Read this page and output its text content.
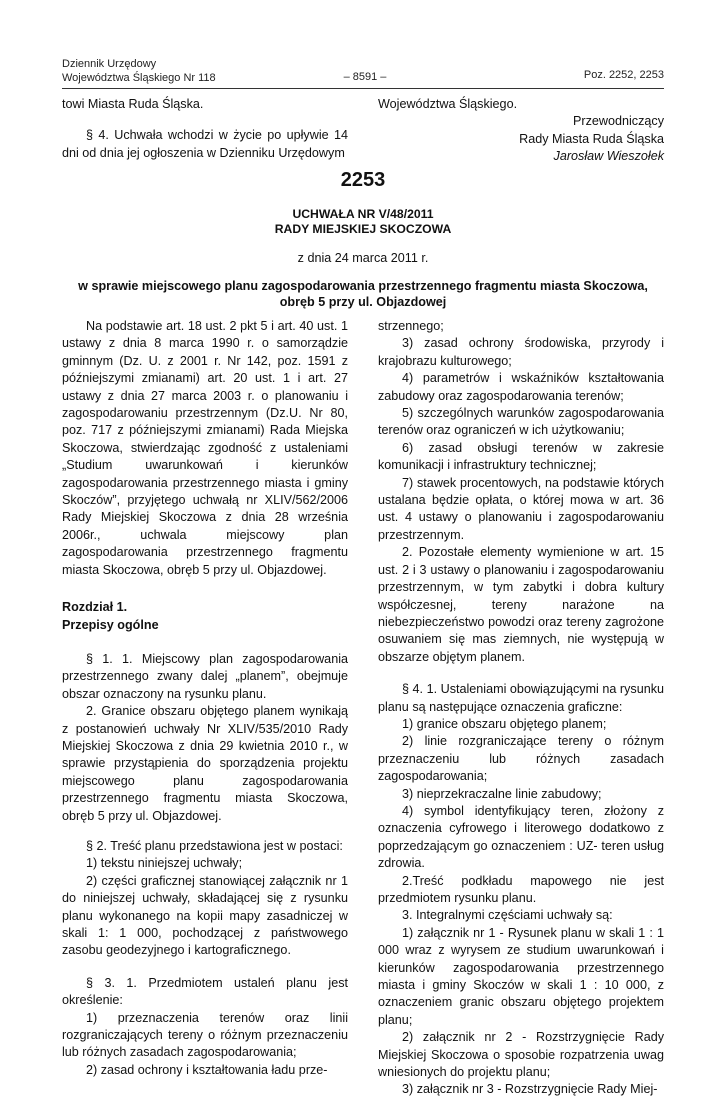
Dziennik Urzędowy
Województwa Śląskiego Nr 118	– 8591 –	Poz. 2252, 2253

towi Miasta Ruda Śląska.

§ 4. Uchwała wchodzi w życie po upływie 14 dni od dnia jej ogłoszenia w Dzienniku Urzędowym

Województwa Śląskiego.

Przewodniczący
Rady Miasta Ruda Śląska
Jarosław Wieszołek
2253
UCHWAŁA NR V/48/2011
RADY MIEJSKIEJ SKOCZOWA
z dnia 24 marca 2011 r.
w sprawie miejscowego planu zagospodarowania przestrzennego fragmentu miasta Skoczowa,
obręb 5 przy ul. Objazdowej

Na podstawie art. 18 ust. 2 pkt 5 i art. 40 ust. 1 ustawy z dnia 8 marca 1990 r. o samorządzie gminnym (Dz. U. z 2001 r. Nr 142, poz. 1591 z późniejszymi zmianami) art. 20 ust. 1 i art. 27 ustawy z dnia 27 marca 2003 r. o planowaniu i zagospodarowaniu przestrzennym (Dz.U. Nr 80, poz. 717 z późniejszymi zmianami) Rada Miejska Skoczowa, stwierdzając zgodność z ustaleniami „Studium uwarunkowań i kierunków zagospodarowania przestrzennego miasta i gminy Skoczów”, przyjętego uchwałą nr XLIV/562/2006 Rady Miejskiej Skoczowa z dnia 28 września 2006r., uchwala miejscowy plan zagospodarowania przestrzennego fragmentu miasta Skoczowa, obręb 5 przy ul. Objazdowej.

Rozdział 1.

Przepisy ogólne

§ 1. 1. Miejscowy plan zagospodarowania przestrzennego zwany dalej „planem”, obejmuje obszar oznaczony na rysunku planu.

2. Granice obszaru objętego planem wynikają z postanowień uchwały Nr XLIV/535/2010 Rady Miejskiej Skoczowa z dnia 29 kwietnia 2010 r., w sprawie przystąpienia do sporządzenia projektu miejscowego planu zagospodarowania przestrzennego fragmentu miasta Skoczowa, obręb 5 przy ul. Objazdowej.

§ 2. Treść planu przedstawiona jest w postaci:

1) tekstu niniejszej uchwały;

2) części graficznej stanowiącej załącznik nr 1 do niniejszej uchwały, składającej się z rysunku planu wykonanego na kopii mapy zasadniczej w skali 1: 1 000, pochodzącej z państwowego zasobu geodezyjnego i kartograficznego.

§ 3. 1. Przedmiotem ustaleń planu jest określenie:

1) przeznaczenia terenów oraz linii rozgraniczających tereny o różnym przeznaczeniu lub różnych zasadach zagospodarowania;

2) zasad ochrony i kształtowania ładu prze-

strzennego;

3) zasad ochrony środowiska, przyrody i krajobrazu kulturowego;

4) parametrów i wskaźników kształtowania zabudowy oraz zagospodarowania terenów;

5) szczególnych warunków zagospodarowania terenów oraz ograniczeń w ich użytkowaniu;

6) zasad obsługi terenów w zakresie komunikacji i infrastruktury technicznej;

7) stawek procentowych, na podstawie których ustalana będzie opłata, o której mowa w art. 36 ust. 4 ustawy o planowaniu i zagospodarowaniu przestrzennym.

2. Pozostałe elementy wymienione w art. 15 ust. 2 i 3 ustawy o planowaniu i zagospodarowaniu przestrzennym, w tym zabytki i dobra kultury współczesnej, tereny narażone na niebezpieczeństwo powodzi oraz tereny zagrożone osuwaniem się mas ziemnych, nie występują w obszarze objętym planem.

§ 4. 1. Ustaleniami obowiązującymi na rysunku planu są następujące oznaczenia graficzne:

1) granice obszaru objętego planem;

2) linie rozgraniczające tereny o różnym przeznaczeniu lub różnych zasadach zagospodarowania;

3) nieprzekraczalne linie zabudowy;

4) symbol identyfikujący teren, złożony z oznaczenia cyfrowego i literowego dodatkowo z poprzedzającym go oznaczeniem : UZ- teren usług zdrowia.

2.Treść podkładu mapowego nie jest przedmiotem rysunku planu.

3. Integralnymi częściami uchwały są:

1) załącznik nr 1 - Rysunek planu w skali 1 : 1 000 wraz z wyrysem ze studium uwarunkowań i kierunków zagospodarowania przestrzennego miasta i gminy Skoczów w skali 1 : 10 000, z oznaczeniem granic obszaru objętego projektem planu;

2) załącznik nr 2 - Rozstrzygnięcie Rady Miejskiej Skoczowa o sposobie rozpatrzenia uwag wniesionych do projektu planu;

3) załącznik nr 3 - Rozstrzygnięcie Rady Miej-
